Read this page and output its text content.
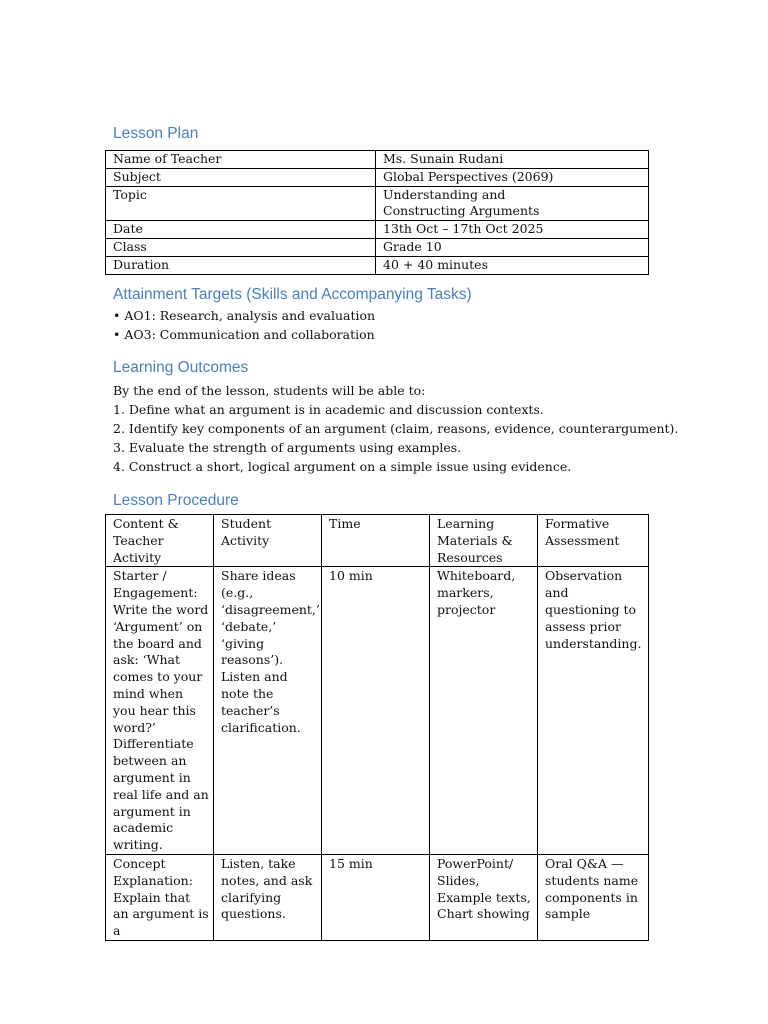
Lesson Plan
Name of Teacher	Ms. Sunain Rudani
Subject	Global Perspectives (2069)
Topic	Understanding and Constructing Arguments
Date	13th Oct – 17th Oct 2025
Class	Grade 10
Duration	40 + 40 minutes
Attainment Targets (Skills and Accompanying Tasks)

• AO1: Research, analysis and evaluation

• AO3: Communication and collaboration

Learning Outcomes

By the end of the lesson, students will be able to:

1. Define what an argument is in academic and discussion contexts.

2. Identify key components of an argument (claim, reasons, evidence, counterargument).

3. Evaluate the strength of arguments using examples.

4. Construct a short, logical argument on a simple issue using evidence.

Lesson Procedure
Content & Teacher Activity	Student Activity	Time	Learning Materials & Resources	Formative Assessment
Starter / Engagement: Write the word ‘Argument’ on the board and ask: ‘What comes to your mind when you hear this word?’ Differentiate between an argument in real life and an argument in academic writing.	Share ideas (e.g., ‘disagreement,’ ‘debate,’ ‘giving reasons’). Listen and note the teacher’s clarification.	10 min	Whiteboard, markers, projector	Observation and questioning to assess prior understanding.
Concept Explanation: Explain that an argument is a	Listen, take notes, and ask clarifying questions.	15 min	PowerPoint/ Slides, Example texts, Chart showing	Oral Q&A — students name components in sample
